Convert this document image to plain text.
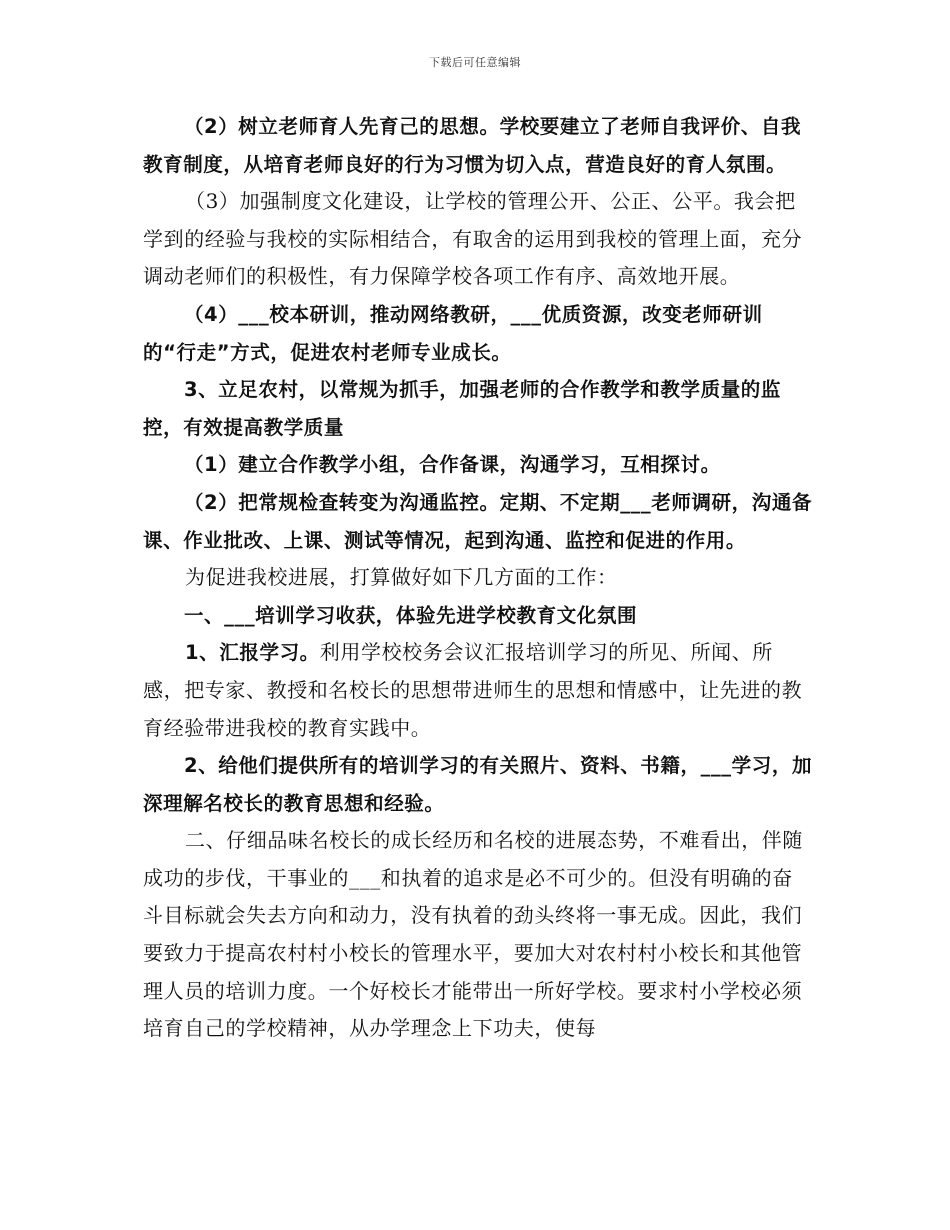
下载后可任意编辑

（2）树立老师育人先育己的思想。学校要建立了老师自我评价、自我教育制度，从培育老师良好的行为习惯为切入点，营造良好的育人氛围。

（3）加强制度文化建设，让学校的管理公开、公正、公平。我会把学到的经验与我校的实际相结合，有取舍的运用到我校的管理上面，充分调动老师们的积极性，有力保障学校各项工作有序、高效地开展。

（4）___校本研训，推动网络教研，___优质资源，改变老师研训的“行走”方式，促进农村老师专业成长。

3、立足农村，以常规为抓手，加强老师的合作教学和教学质量的监控，有效提高教学质量

（1）建立合作教学小组，合作备课，沟通学习，互相探讨。

（2）把常规检查转变为沟通监控。定期、不定期___老师调研，沟通备课、作业批改、上课、测试等情况，起到沟通、监控和促进的作用。

为促进我校进展，打算做好如下几方面的工作：

一、___培训学习收获，体验先进学校教育文化氛围

1、汇报学习。利用学校校务会议汇报培训学习的所见、所闻、所感，把专家、教授和名校长的思想带进师生的思想和情感中，让先进的教育经验带进我校的教育实践中。

2、给他们提供所有的培训学习的有关照片、资料、书籍，___学习，加深理解名校长的教育思想和经验。

二、仔细品味名校长的成长经历和名校的进展态势，不难看出，伴随成功的步伐，干事业的___和执着的追求是必不可少的。但没有明确的奋斗目标就会失去方向和动力，没有执着的劲头终将一事无成。因此，我们要致力于提高农村村小校长的管理水平，要加大对农村村小校长和其他管理人员的培训力度。一个好校长才能带出一所好学校。要求村小学校必须培育自己的学校精神，从办学理念上下功夫，使每
